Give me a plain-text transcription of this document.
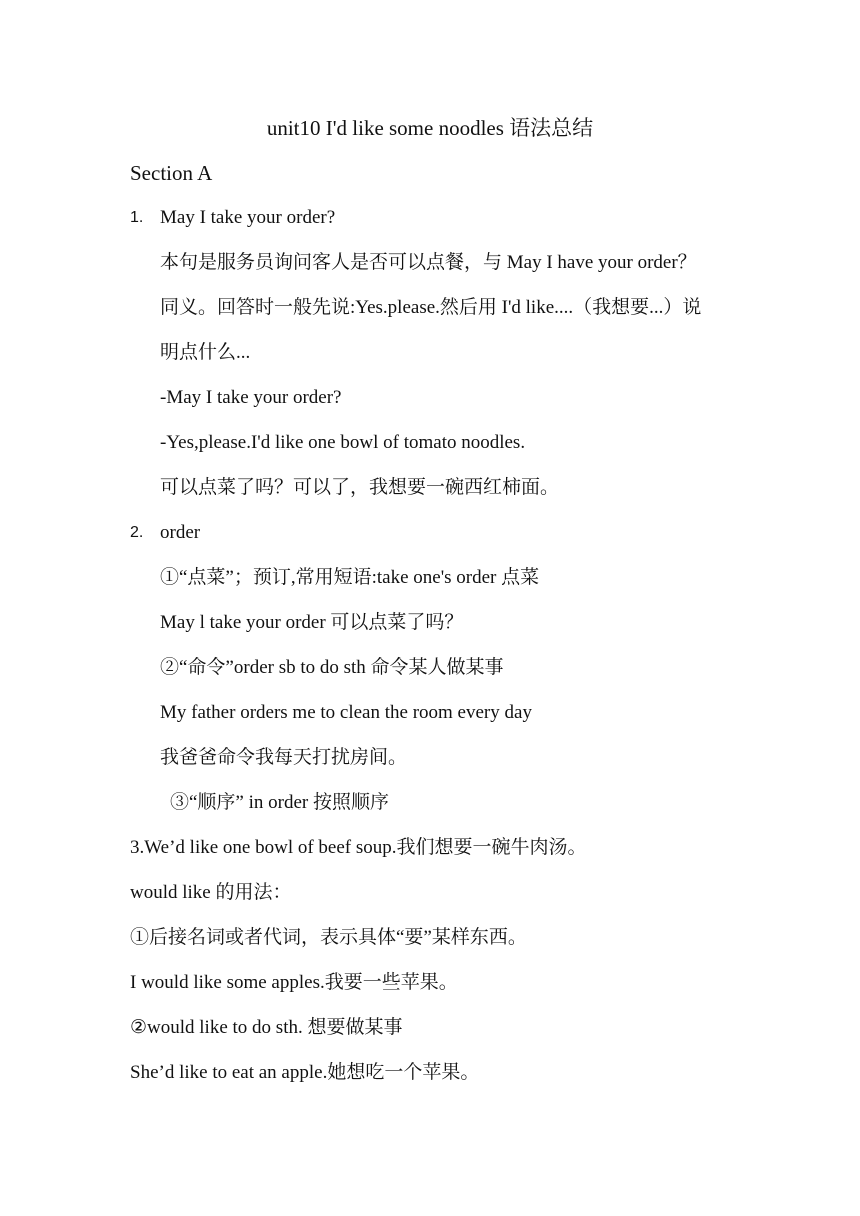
unit10 I'd like some noodles 语法总结
Section A
1. May I take your order?
本句是服务员询问客人是否可以点餐，与 May I have your order？
同义。回答时一般先说:Yes.please.然后用 I'd like....（我想要...）说
明点什么...
-May I take your order?
-Yes,please.I'd like one bowl of tomato noodles.
可以点菜了吗？可以了，我想要一碗西红柿面。
2. order
①“点菜”；预订,常用短语:take one's order 点菜
May l take your order 可以点菜了吗？
②“命令”order sb to do sth 命令某人做某事
My father orders me to clean the room every day
我爸爸命令我每天打扰房间。
③“顺序” in order 按照顺序
3.We’d like one bowl of beef soup.我们想要一碗牛肉汤。
would like 的用法：
①后接名词或者代词，表示具体“要”某样东西。
I would like some apples.我要一些苹果。
②would like to do sth. 想要做某事
She’d like to eat an apple.她想吃一个苹果。
